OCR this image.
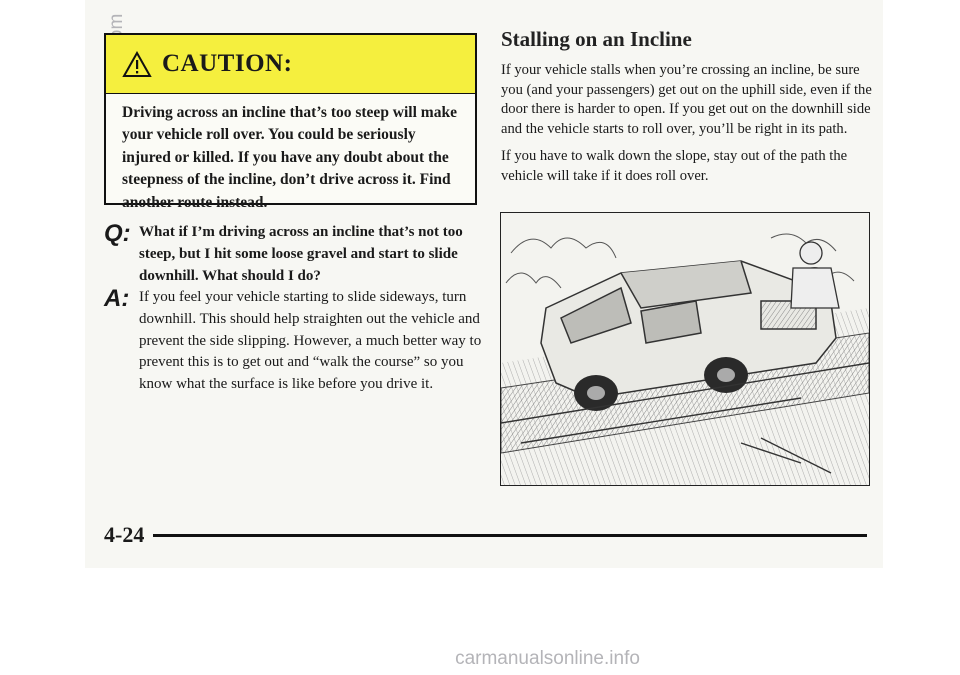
CAUTION:
Driving across an incline that’s too steep will make your vehicle roll over. You could be seriously injured or killed. If you have any doubt about the steepness of the incline, don’t drive across it. Find another route instead.
Q: What if I’m driving across an incline that’s not too steep, but I hit some loose gravel and start to slide downhill. What should I do?
A: If you feel your vehicle starting to slide sideways, turn downhill. This should help straighten out the vehicle and prevent the side slipping. However, a much better way to prevent this is to get out and “walk the course” so you know what the surface is like before you drive it.
Stalling on an Incline

If your vehicle stalls when you’re crossing an incline, be sure you (and your passengers) get out on the uphill side, even if the door there is harder to open. If you get out on the downhill side and the vehicle starts to roll over, you’ll be right in its path.

If you have to walk down the slope, stay out of the path the vehicle will take if it does roll over.

4-24
carmanualsonline.info
